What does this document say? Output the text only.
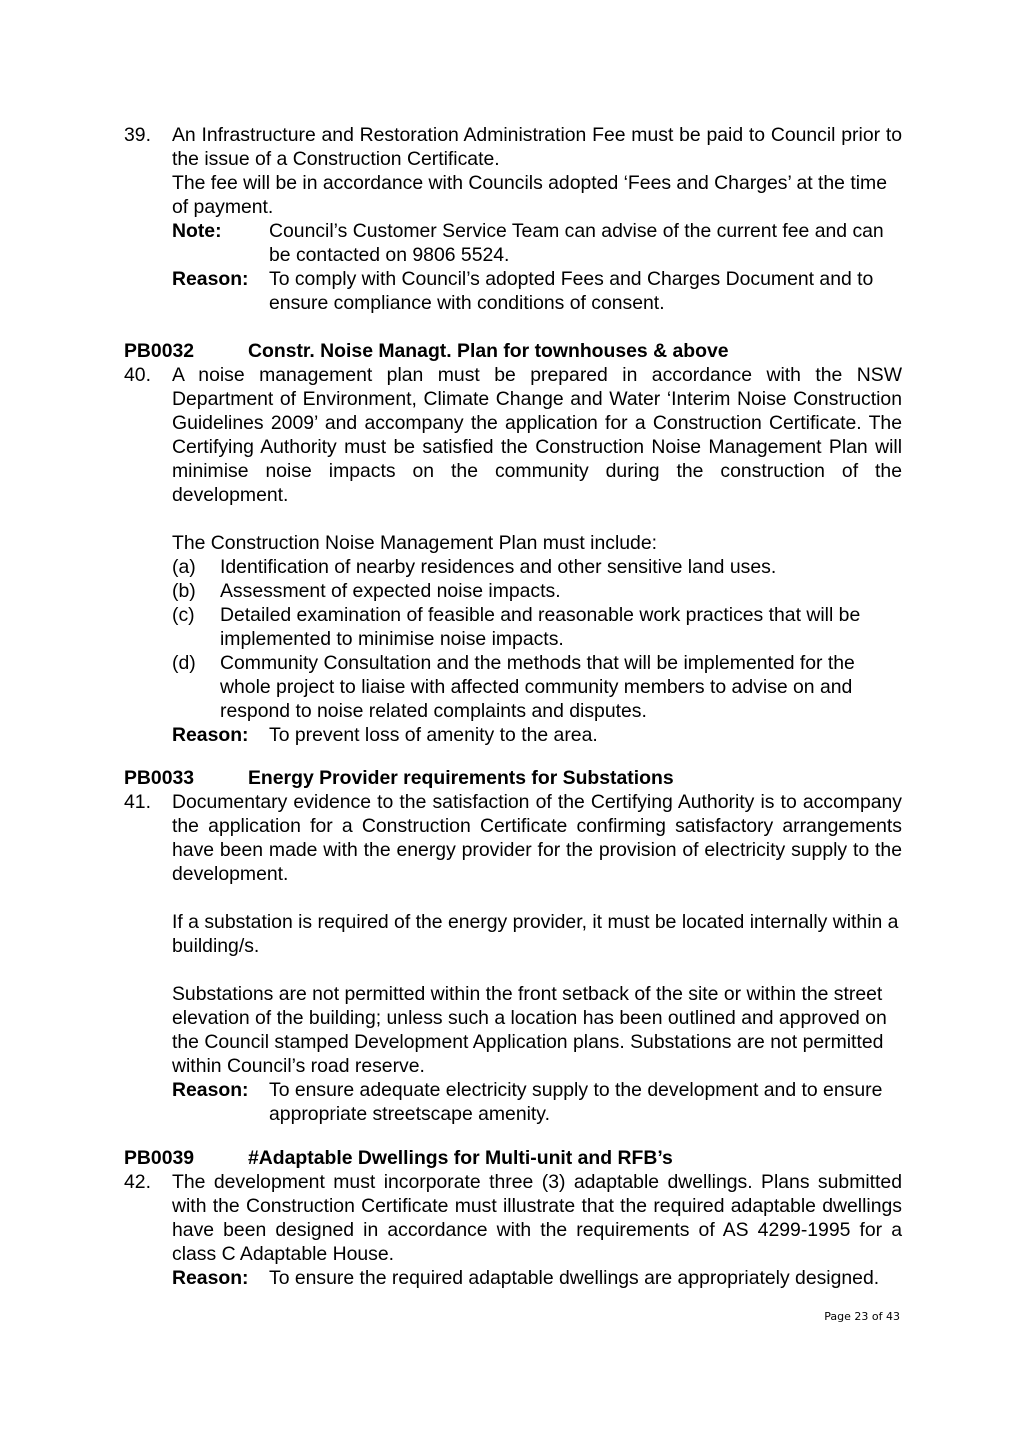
39.	An Infrastructure and Restoration Administration Fee must be paid to Council prior to the issue of a Construction Certificate.
The fee will be in accordance with Councils adopted ‘Fees and Charges’ at the time of payment.
Note:	Council’s Customer Service Team can advise of the current fee and can be contacted on 9806 5524.
Reason:	To comply with Council’s adopted Fees and Charges Document and to ensure compliance with conditions of consent.
PB0032	Constr. Noise Managt. Plan for townhouses & above
40.	A noise management plan must be prepared in accordance with the NSW Department of Environment, Climate Change and Water ‘Interim Noise Construction Guidelines 2009’ and accompany the application for a Construction Certificate. The Certifying Authority must be satisfied the Construction Noise Management Plan will minimise noise impacts on the community during the construction of the development.
The Construction Noise Management Plan must include:
(a)	Identification of nearby residences and other sensitive land uses.
(b)	Assessment of expected noise impacts.
(c)	Detailed examination of feasible and reasonable work practices that will be implemented to minimise noise impacts.
(d)	Community Consultation and the methods that will be implemented for the whole project to liaise with affected community members to advise on and respond to noise related complaints and disputes.
Reason:	To prevent loss of amenity to the area.
PB0033	Energy Provider requirements for Substations
41.	Documentary evidence to the satisfaction of the Certifying Authority is to accompany the application for a Construction Certificate confirming satisfactory arrangements have been made with the energy provider for the provision of electricity supply to the development.
If a substation is required of the energy provider, it must be located internally within a building/s.
Substations are not permitted within the front setback of the site or within the street elevation of the building; unless such a location has been outlined and approved on the Council stamped Development Application plans. Substations are not permitted within Council’s road reserve.
Reason:	To ensure adequate electricity supply to the development and to ensure appropriate streetscape amenity.
PB0039	#Adaptable Dwellings for Multi-unit and RFB’s
42.	The development must incorporate three (3) adaptable dwellings. Plans submitted with the Construction Certificate must illustrate that the required adaptable dwellings have been designed in accordance with the requirements of AS 4299-1995 for a class C Adaptable House.
Reason: To ensure the required adaptable dwellings are appropriately designed.
Page 23 of 43
